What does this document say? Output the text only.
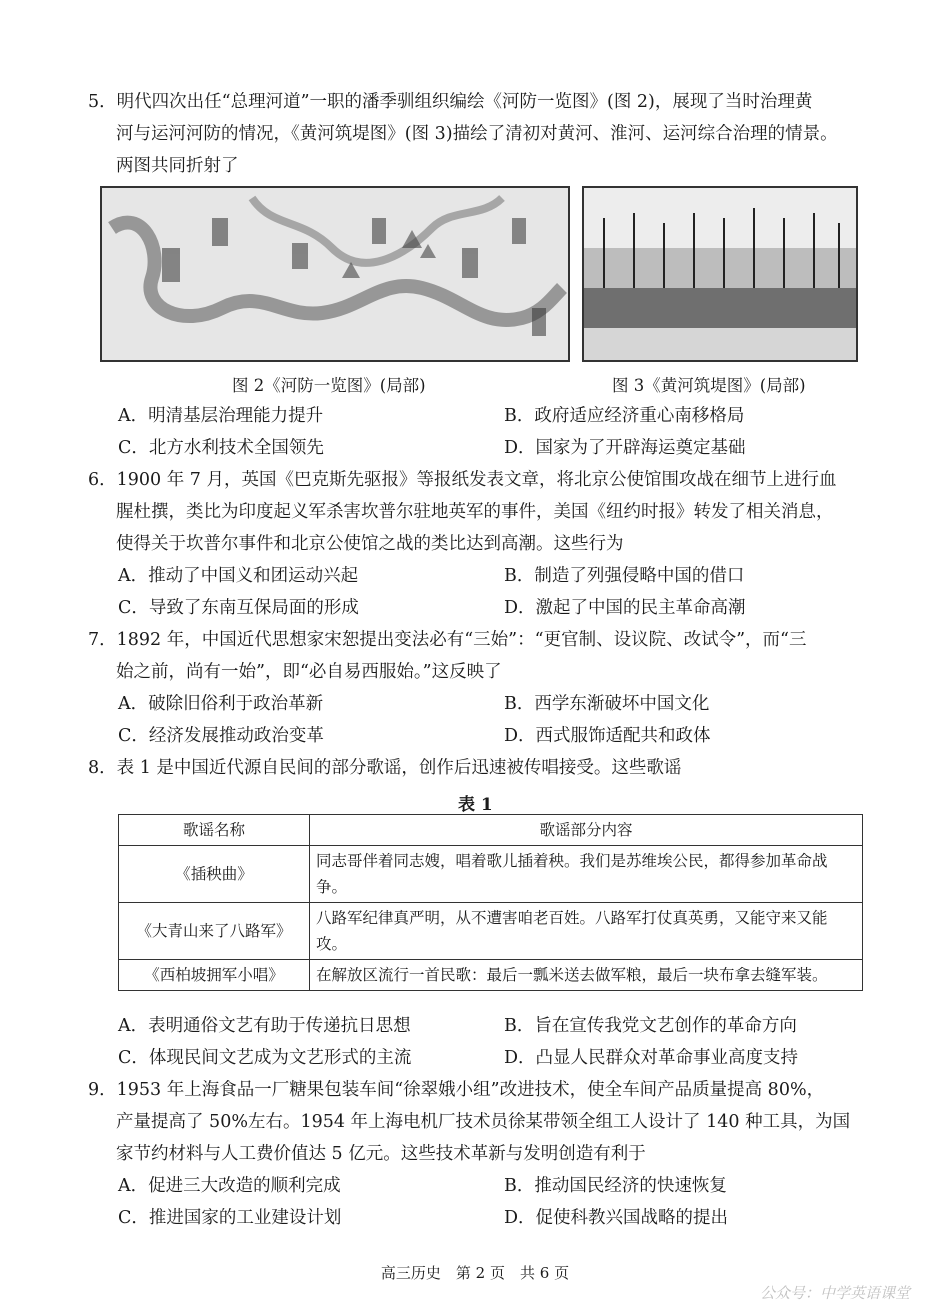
5．明代四次出任“总理河道”一职的潘季驯组织编绘《河防一览图》(图 2)，展现了当时治理黄

河与运河河防的情况，《黄河筑堤图》(图 3)描绘了清初对黄河、淮河、运河综合治理的情景。

两图共同折射了

图 2《河防一览图》(局部)	图 3《黄河筑堤图》(局部)
A．明清基层治理能力提升	B．政府适应经济重心南移格局
C．北方水利技术全国领先	D．国家为了开辟海运奠定基础

6．1900 年 7 月，英国《巴克斯先驱报》等报纸发表文章，将北京公使馆围攻战在细节上进行血

腥杜撰，类比为印度起义军杀害坎普尔驻地英军的事件，美国《纽约时报》转发了相关消息，

使得关于坎普尔事件和北京公使馆之战的类比达到高潮。这些行为

A．推动了中国义和团运动兴起	B．制造了列强侵略中国的借口
C．导致了东南互保局面的形成	D．激起了中国的民主革命高潮

7．1892 年，中国近代思想家宋恕提出变法必有“三始”：“更官制、设议院、改试令”，而“三

始之前，尚有一始”，即“必自易西服始。”这反映了

A．破除旧俗利于政治革新	B．西学东渐破坏中国文化
C．经济发展推动政治变革	D．西式服饰适配共和政体

8．表 1 是中国近代源自民间的部分歌谣，创作后迅速被传唱接受。这些歌谣

表 1
歌谣名称	歌谣部分内容
《插秧曲》	同志哥伴着同志嫂，唱着歌儿插着秧。我们是苏维埃公民，都得参加革命战争。
《大青山来了八路军》	八路军纪律真严明，从不遭害咱老百姓。八路军打仗真英勇，又能守来又能攻。
《西柏坡拥军小唱》	在解放区流行一首民歌：最后一瓢米送去做军粮，最后一块布拿去缝军装。
A．表明通俗文艺有助于传递抗日思想	B．旨在宣传我党文艺创作的革命方向
C．体现民间文艺成为文艺形式的主流	D．凸显人民群众对革命事业高度支持

9．1953 年上海食品一厂糖果包装车间“徐翠娥小组”改进技术，使全车间产品质量提高 80%，

产量提高了 50%左右。1954 年上海电机厂技术员徐某带领全组工人设计了 140 种工具，为国

家节约材料与人工费价值达 5 亿元。这些技术革新与发明创造有利于

A．促进三大改造的顺利完成	B．推动国民经济的快速恢复
C．推进国家的工业建设计划	D．促使科教兴国战略的提出
高三历史　第 2 页　共 6 页
公众号：中学英语课堂
